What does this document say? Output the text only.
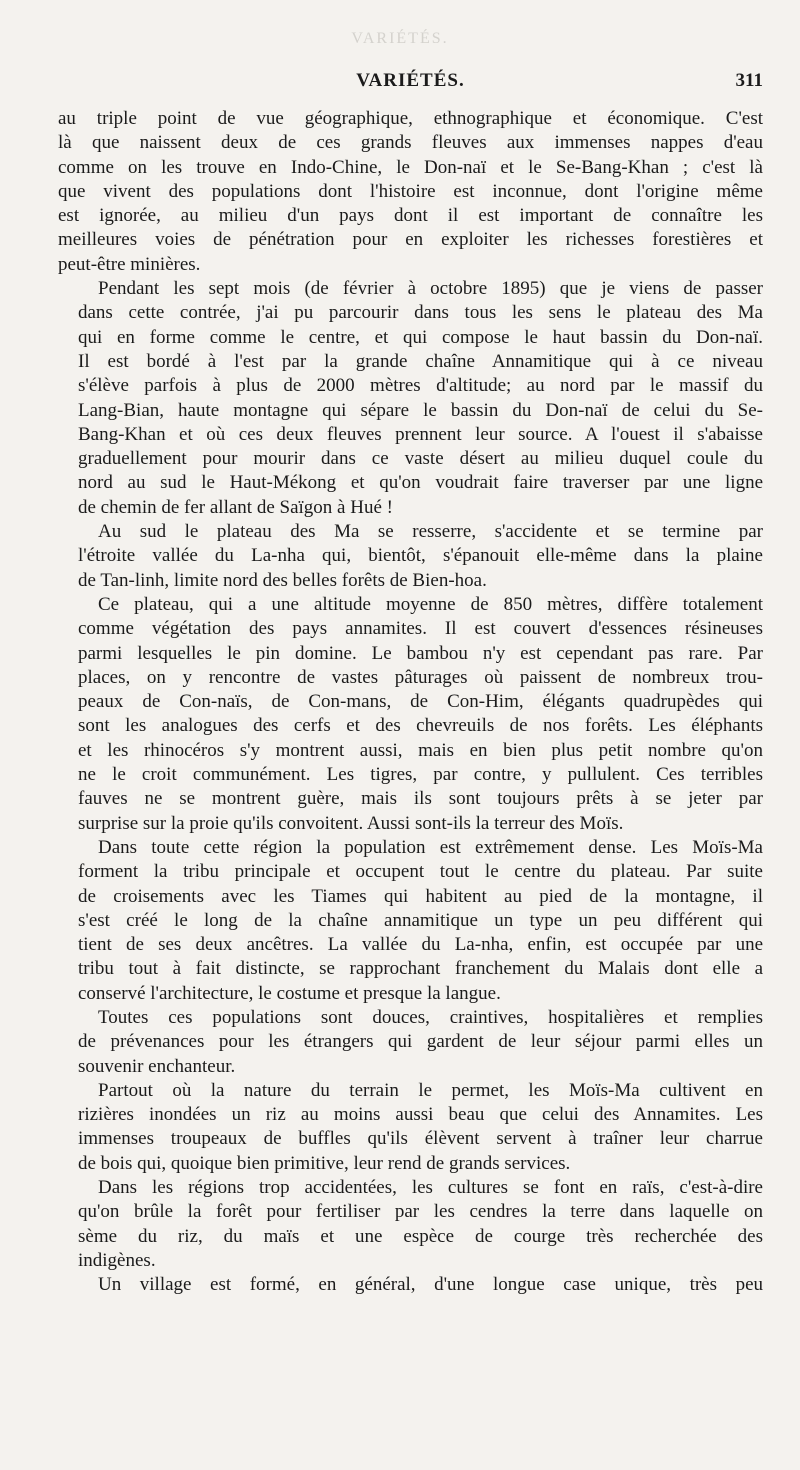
VARIÉTÉS.
VARIÉTÉS.	311

au triple point de vue géographique, ethnographique et économique. C'est
là que naissent deux de ces grands fleuves aux immenses nappes d'eau
comme on les trouve en Indo-Chine, le Don-naï et le Se-Bang-Khan ; c'est là
que vivent des populations dont l'histoire est inconnue, dont l'origine même
est ignorée, au milieu d'un pays dont il est important de connaître les
meilleures voies de pénétration pour en exploiter les richesses forestières et
peut-être minières.

Pendant les sept mois (de février à octobre 1895) que je viens de passer
dans cette contrée, j'ai pu parcourir dans tous les sens le plateau des Ma
qui en forme comme le centre, et qui compose le haut bassin du Don-naï.
Il est bordé à l'est par la grande chaîne Annamitique qui à ce niveau
s'élève parfois à plus de 2000 mètres d'altitude; au nord par le massif du
Lang-Bian, haute montagne qui sépare le bassin du Don-naï de celui du Se-
Bang-Khan et où ces deux fleuves prennent leur source. A l'ouest il s'abaisse
graduellement pour mourir dans ce vaste désert au milieu duquel coule du
nord au sud le Haut-Mékong et qu'on voudrait faire traverser par une ligne
de chemin de fer allant de Saïgon à Hué !

Au sud le plateau des Ma se resserre, s'accidente et se termine par
l'étroite vallée du La-nha qui, bientôt, s'épanouit elle-même dans la plaine
de Tan-linh, limite nord des belles forêts de Bien-hoa.

Ce plateau, qui a une altitude moyenne de 850 mètres, diffère totalement
comme végétation des pays annamites. Il est couvert d'essences résineuses
parmi lesquelles le pin domine. Le bambou n'y est cependant pas rare. Par
places, on y rencontre de vastes pâturages où paissent de nombreux trou-
peaux de Con-naïs, de Con-mans, de Con-Him, élégants quadrupèdes qui
sont les analogues des cerfs et des chevreuils de nos forêts. Les éléphants
et les rhinocéros s'y montrent aussi, mais en bien plus petit nombre qu'on
ne le croit communément. Les tigres, par contre, y pullulent. Ces terribles
fauves ne se montrent guère, mais ils sont toujours prêts à se jeter par
surprise sur la proie qu'ils convoitent. Aussi sont-ils la terreur des Moïs.

Dans toute cette région la population est extrêmement dense. Les Moïs-Ma
forment la tribu principale et occupent tout le centre du plateau. Par suite
de croisements avec les Tiames qui habitent au pied de la montagne, il
s'est créé le long de la chaîne annamitique un type un peu différent qui
tient de ses deux ancêtres. La vallée du La-nha, enfin, est occupée par une
tribu tout à fait distincte, se rapprochant franchement du Malais dont elle a
conservé l'architecture, le costume et presque la langue.

Toutes ces populations sont douces, craintives, hospitalières et remplies
de prévenances pour les étrangers qui gardent de leur séjour parmi elles un
souvenir enchanteur.

Partout où la nature du terrain le permet, les Moïs-Ma cultivent en
rizières inondées un riz au moins aussi beau que celui des Annamites. Les
immenses troupeaux de buffles qu'ils élèvent servent à traîner leur charrue
de bois qui, quoique bien primitive, leur rend de grands services.

Dans les régions trop accidentées, les cultures se font en raïs, c'est-à-dire
qu'on brûle la forêt pour fertiliser par les cendres la terre dans laquelle on
sème du riz, du maïs et une espèce de courge très recherchée des
indigènes.

Un village est formé, en général, d'une longue case unique, très peu
